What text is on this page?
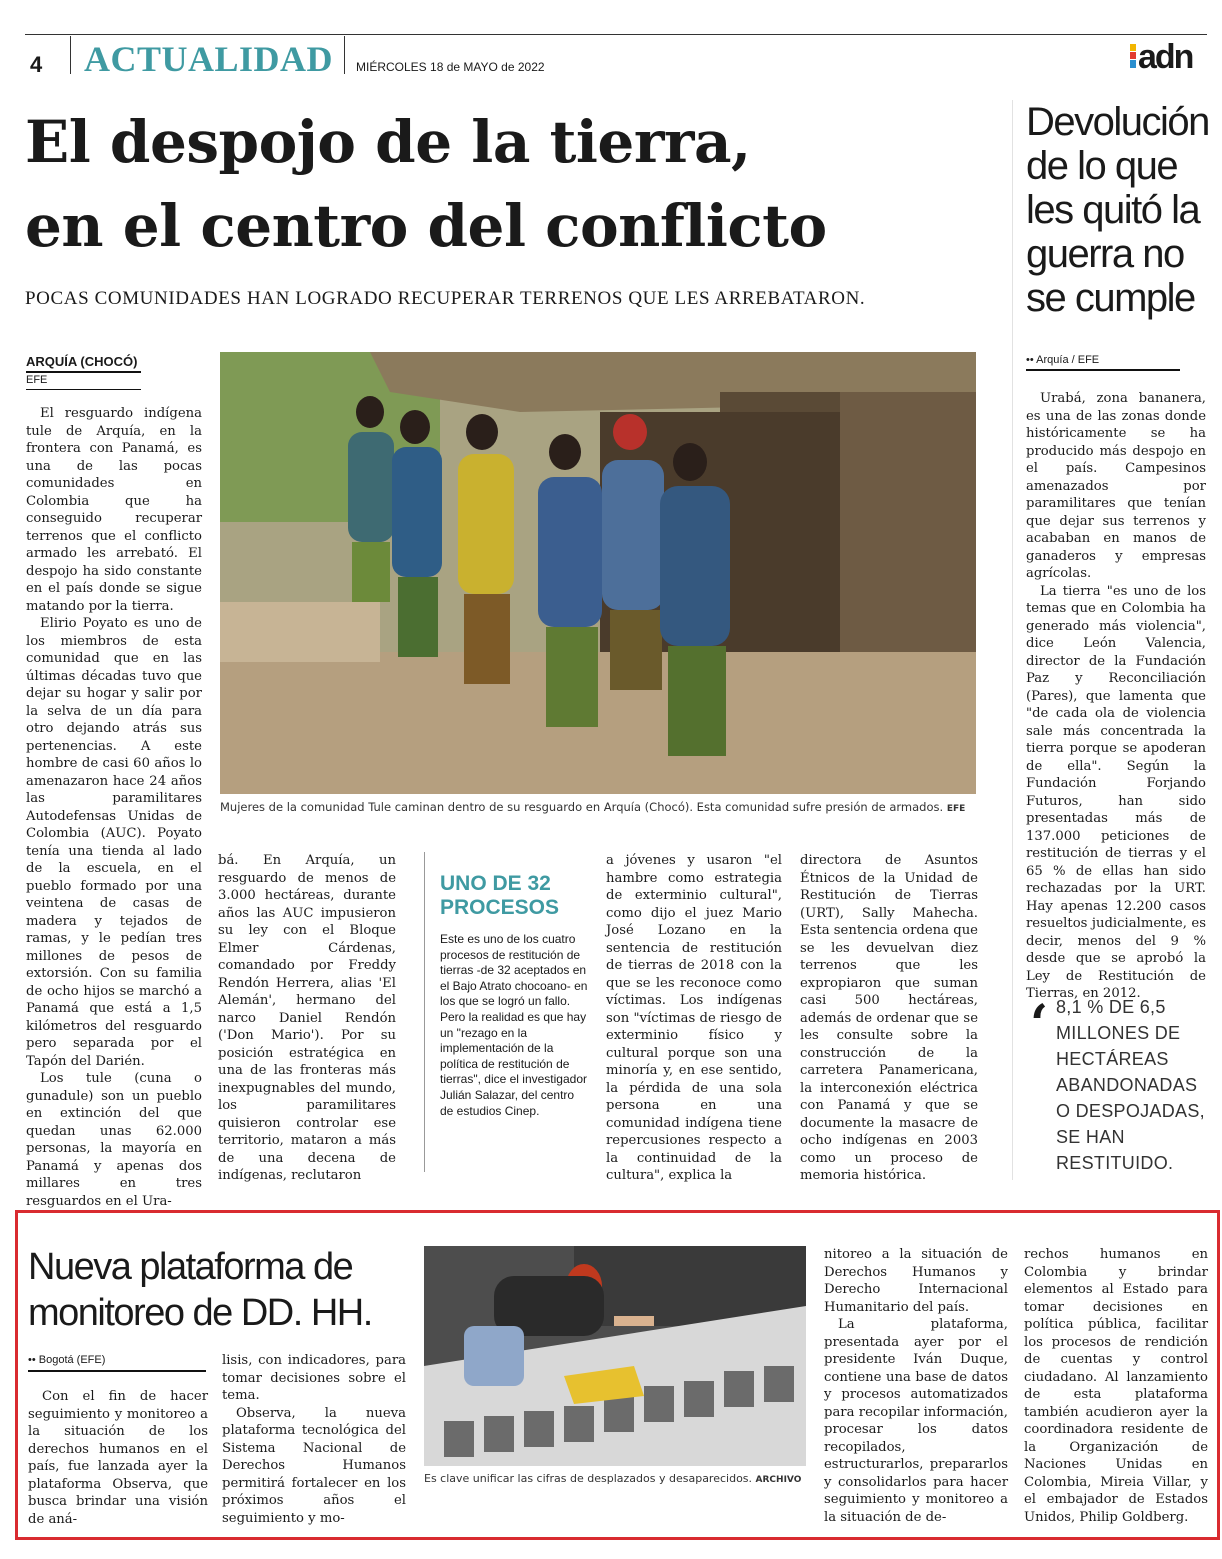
4 ACTUALIDAD MIÉRCOLES 18 de MAYO de 2022	adn
El despojo de la tierra,
en el centro del conflicto
POCAS COMUNIDADES HAN LOGRADO RECUPERAR TERRENOS QUE LES ARREBATARON.
ARQUÍA (CHOCÓ)
EFE

El resguardo indígena tule de Arquía, en la frontera con Panamá, es una de las pocas comunidades en Colombia que ha conseguido recuperar terrenos que el conflicto armado les arrebató. El despojo ha sido constante en el país donde se sigue matando por la tierra.

Elirio Poyato es uno de los miembros de esta comunidad que en las últimas décadas tuvo que dejar su hogar y salir por la selva de un día para otro dejando atrás sus pertenencias. A este hombre de casi 60 años lo amenazaron hace 24 años las paramilitares Autodefensas Unidas de Colombia (AUC). Poyato tenía una tienda al lado de la escuela, en el pueblo formado por una veintena de casas de madera y tejados de ramas, y le pedían tres millones de pesos de extorsión. Con su familia de ocho hijos se marchó a Panamá que está a 1,5 kilómetros del resguardo pero separada por el Tapón del Darién.

Los tule (cuna o gunadule) son un pueblo en extinción del que quedan unas 62.000 personas, la mayoría en Panamá y apenas dos millares en tres resguardos en el Ura-

Mujeres de la comunidad Tule caminan dentro de su resguardo en Arquía (Chocó). Esta comunidad sufre presión de armados. EFE

bá. En Arquía, un resguardo de menos de 3.000 hectáreas, durante años las AUC impusieron su ley con el Bloque Elmer Cárdenas, comandado por Freddy Rendón Herrera, alias 'El Alemán', hermano del narco Daniel Rendón ('Don Mario'). Por su posición estratégica en una de las fronteras más inexpugnables del mundo, los paramilitares quisieron controlar ese territorio, mataron a más de una decena de indígenas, reclutaron

UNO DE 32 PROCESOS
Este es uno de los cuatro procesos de restitución de tierras -de 32 aceptados en el Bajo Atrato chocoano- en los que se logró un fallo. Pero la realidad es que hay un "rezago en la implementación de la política de restitución de tierras", dice el investigador Julián Salazar, del centro de estudios Cinep.

a jóvenes y usaron "el hambre como estrategia de exterminio cultural", como dijo el juez Mario José Lozano en la sentencia de restitución de tierras de 2018 con la que se les reconoce como víctimas. Los indígenas son "víctimas de riesgo de exterminio físico y cultural porque son una minoría y, en ese sentido, la pérdida de una sola persona en una comunidad indígena tiene repercusiones respecto a la continuidad de la cultura", explica la

directora de Asuntos Étnicos de la Unidad de Restitución de Tierras (URT), Sally Mahecha. Esta sentencia ordena que se les devuelvan diez terrenos que les expropiaron que suman casi 500 hectáreas, además de ordenar que se les consulte sobre la construcción de la carretera Panamericana, la interconexión eléctrica con Panamá y que se documente la masacre de ocho indígenas en 2003 como un proceso de memoria histórica.

Devolución de lo que les quitó la guerra no se cumple
•• Arquía / EFE

Urabá, zona bananera, es una de las zonas donde históricamente se ha producido más despojo en el país. Campesinos amenazados por paramilitares que tenían que dejar sus terrenos y acababan en manos de ganaderos y empresas agrícolas.

La tierra "es uno de los temas que en Colombia ha generado más violencia", dice León Valencia, director de la Fundación Paz y Reconciliación (Pares), que lamenta que "de cada ola de violencia sale más concentrada la tierra porque se apoderan de ella". Según la Fundación Forjando Futuros, han sido presentadas más de 137.000 peticiones de restitución de tierras y el 65 % de ellas han sido rechazadas por la URT. Hay apenas 12.200 casos resueltos judicialmente, es decir, menos del 9 % desde que se aprobó la Ley de Restitución de Tierras, en 2012.

‘ 8,1 % DE 6,5 MILLONES DE HECTÁREAS ABANDONADAS O DESPOJADAS, SE HAN RESTITUIDO.
Nueva plataforma de monitoreo de DD. HH.
•• Bogotá (EFE)

Con el fin de hacer seguimiento y monitoreo a la situación de los derechos humanos en el país, fue lanzada ayer la plataforma Observa, que busca brindar una visión de aná-

lisis, con indicadores, para tomar decisiones sobre el tema.

Observa, la nueva plataforma tecnológica del Sistema Nacional de Derechos Humanos permitirá fortalecer en los próximos años el seguimiento y mo-

Es clave unificar las cifras de desplazados y desaparecidos. ARCHIVO

nitoreo a la situación de Derechos Humanos y Derecho Internacional Humanitario del país.

La plataforma, presentada ayer por el presidente Iván Duque, contiene una base de datos y procesos automatizados para recopilar información, procesar los datos recopilados, estructurarlos, prepararlos y consolidarlos para hacer seguimiento y monitoreo a la situación de de-

rechos humanos en Colombia y brindar elementos al Estado para tomar decisiones en política pública, facilitar los procesos de rendición de cuentas y control ciudadano. Al lanzamiento de esta plataforma también acudieron ayer la coordinadora residente de la Organización de Naciones Unidas en Colombia, Mireia Villar, y el embajador de Estados Unidos, Philip Goldberg.
